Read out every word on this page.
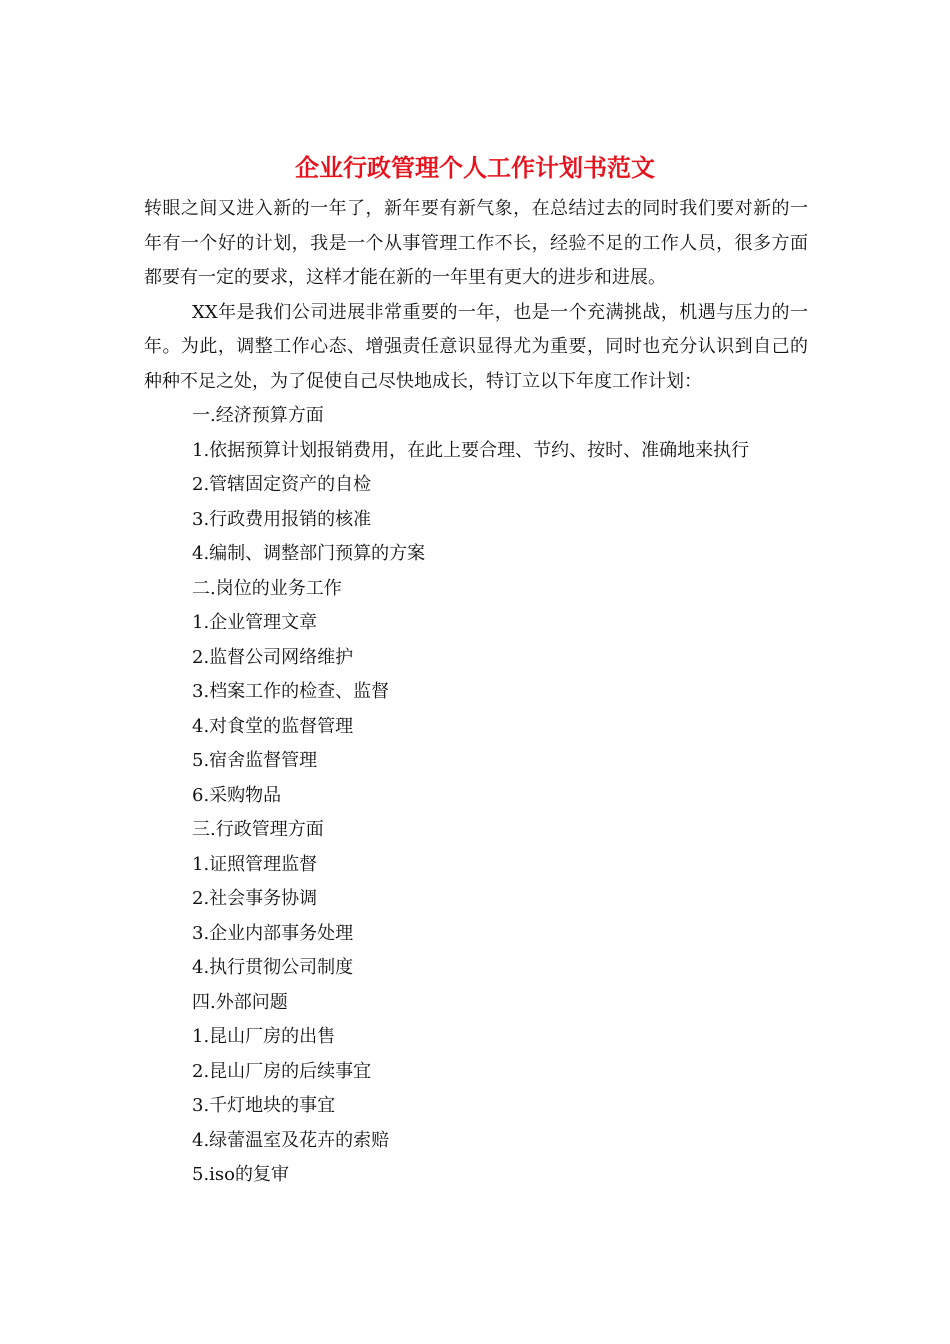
企业行政管理个人工作计划书范文

转眼之间又进入新的一年了，新年要有新气象，在总结过去的同时我们要对新的一年有一个好的计划，我是一个从事管理工作不长，经验不足的工作人员，很多方面都要有一定的要求，这样才能在新的一年里有更大的进步和进展。

XX年是我们公司进展非常重要的一年，也是一个充满挑战，机遇与压力的一年。为此，调整工作心态、增强责任意识显得尤为重要，同时也充分认识到自己的种种不足之处，为了促使自己尽快地成长，特订立以下年度工作计划：

一.经济预算方面

1.依据预算计划报销费用，在此上要合理、节约、按时、准确地来执行

2.管辖固定资产的自检

3.行政费用报销的核准

4.编制、调整部门预算的方案

二.岗位的业务工作

1.企业管理文章

2.监督公司网络维护

3.档案工作的检查、监督

4.对食堂的监督管理

5.宿舍监督管理

6.采购物品

三.行政管理方面

1.证照管理监督

2.社会事务协调

3.企业内部事务处理

4.执行贯彻公司制度

四.外部问题

1.昆山厂房的出售

2.昆山厂房的后续事宜

3.千灯地块的事宜

4.绿蕾温室及花卉的索赔

5.iso的复审
